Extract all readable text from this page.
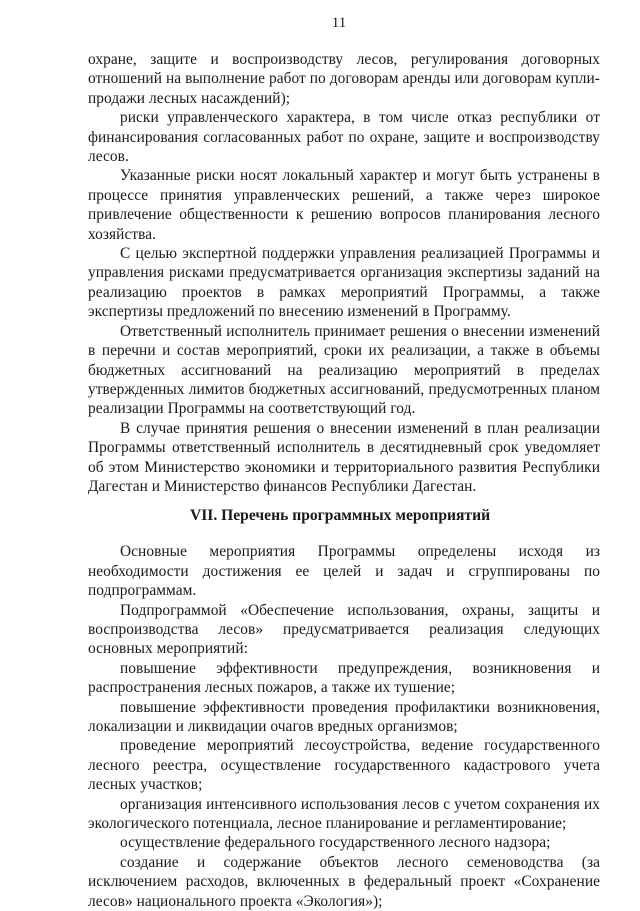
11

охране, защите и воспроизводству лесов, регулирования договорных отношений на выполнение работ по договорам аренды или договорам купли-продажи лесных насаждений);

риски управленческого характера, в том числе отказ республики от финансирования согласованных работ по охране, защите и воспроизводству лесов.

Указанные риски носят локальный характер и могут быть устранены в процессе принятия управленческих решений, а также через широкое привлечение общественности к решению вопросов планирования лесного хозяйства.

С целью экспертной поддержки управления реализацией Программы и управления рисками предусматривается организация экспертизы заданий на реализацию проектов в рамках мероприятий Программы, а также экспертизы предложений по внесению изменений в Программу.

Ответственный исполнитель принимает решения о внесении изменений в перечни и состав мероприятий, сроки их реализации, а также в объемы бюджетных ассигнований на реализацию мероприятий в пределах утвержденных лимитов бюджетных ассигнований, предусмотренных планом реализации Программы на соответствующий год.

В случае принятия решения о внесении изменений в план реализации Программы ответственный исполнитель в десятидневный срок уведомляет об этом Министерство экономики и территориального развития Республики Дагестан и Министерство финансов Республики Дагестан.

VII. Перечень программных мероприятий

Основные мероприятия Программы определены исходя из необходимости достижения ее целей и задач и сгруппированы по подпрограммам.

Подпрограммой «Обеспечение использования, охраны, защиты и воспроизводства лесов» предусматривается реализация следующих основных мероприятий:

повышение эффективности предупреждения, возникновения и распространения лесных пожаров, а также их тушение;

повышение эффективности проведения профилактики возникновения, локализации и ликвидации очагов вредных организмов;

проведение мероприятий лесоустройства, ведение государственного лесного реестра, осуществление государственного кадастрового учета лесных участков;

организация интенсивного использования лесов с учетом сохранения их экологического потенциала, лесное планирование и регламентирование;

осуществление федерального государственного лесного надзора;

создание и содержание объектов лесного семеноводства (за исключением расходов, включенных в федеральный проект «Сохранение лесов» национального проекта «Экология»);
